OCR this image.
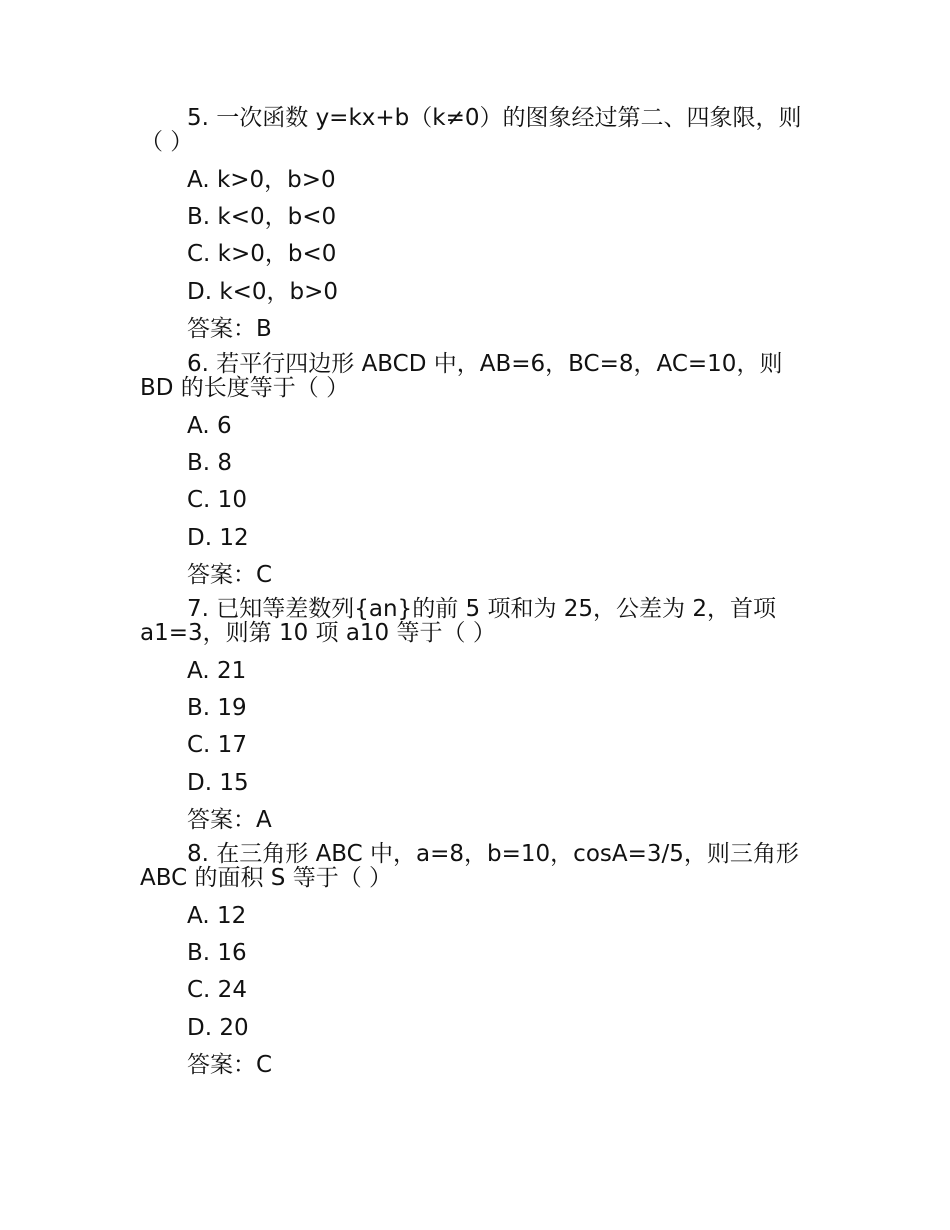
5. 一次函数 y=kx+b（k≠0）的图象经过第二、四象限，则（ ）

A. k>0，b>0

B. k<0，b<0

C. k>0，b<0

D. k<0，b>0

答案：B

6. 若平行四边形 ABCD 中，AB=6，BC=8，AC=10，则 BD 的长度等于（ ）

A. 6

B. 8

C. 10

D. 12

答案：C

7. 已知等差数列{an}的前 5 项和为 25，公差为 2，首项 a1=3，则第 10 项 a10 等于（ ）

A. 21

B. 19

C. 17

D. 15

答案：A

8. 在三角形 ABC 中，a=8，b=10，cosA=3/5，则三角形 ABC 的面积 S 等于（ ）

A. 12

B. 16

C. 24

D. 20

答案：C
